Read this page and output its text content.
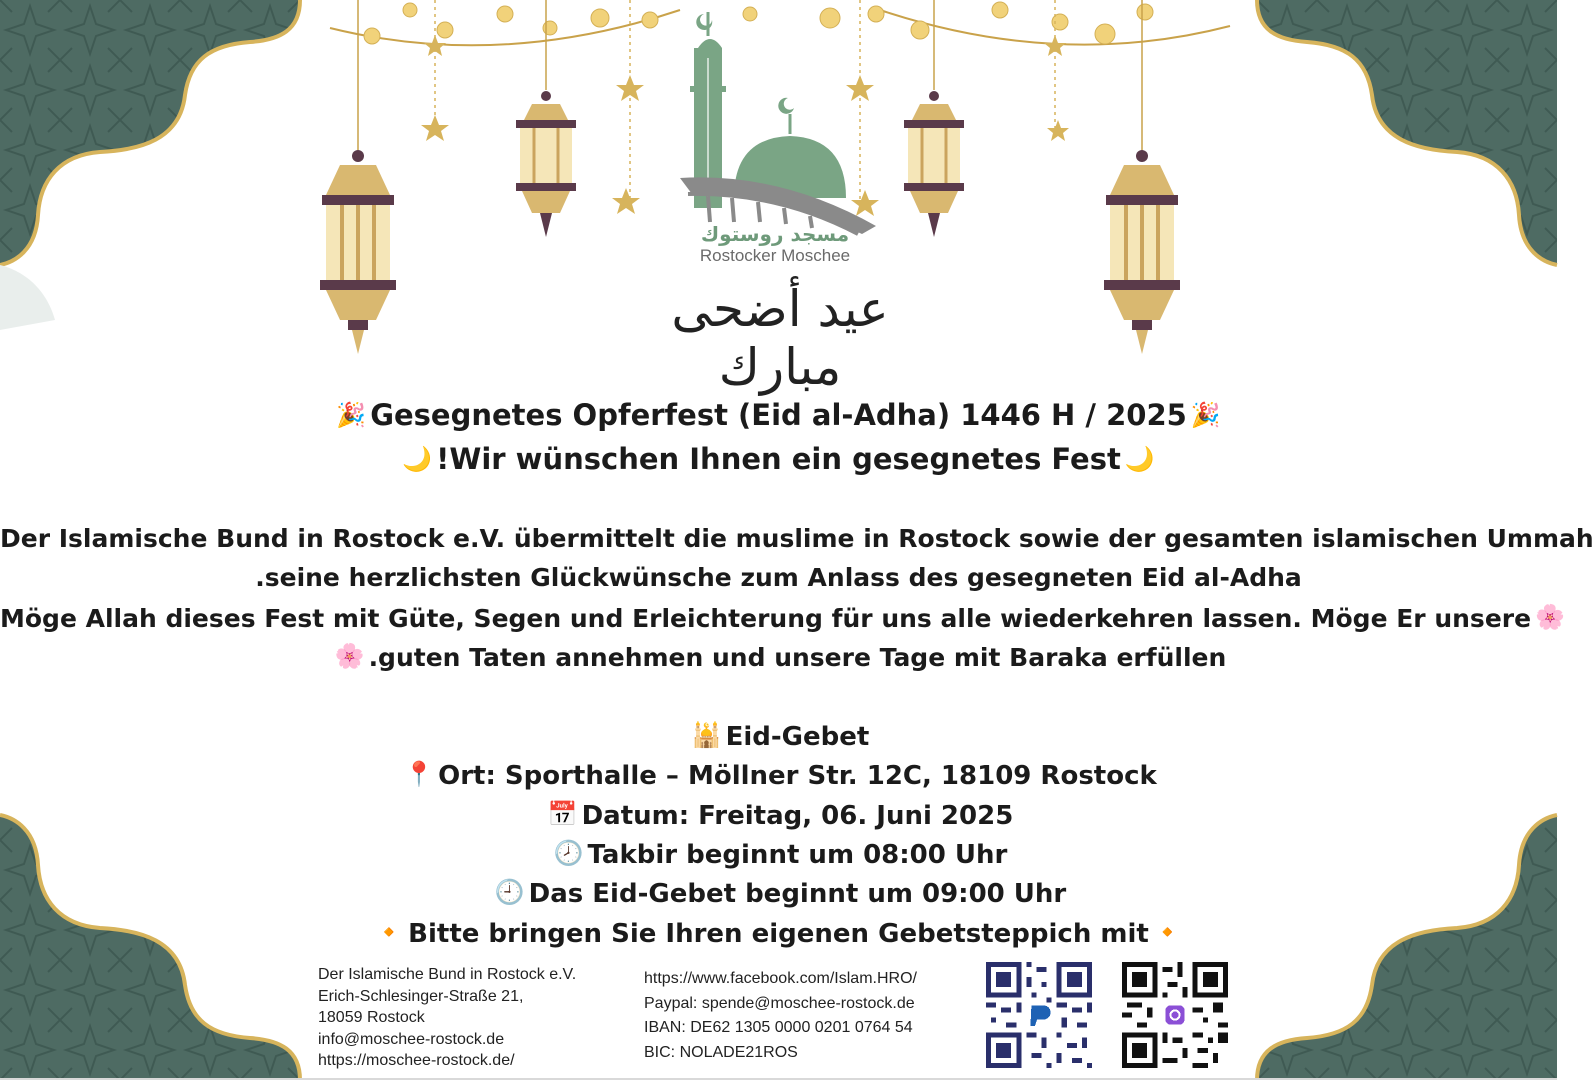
مسجد روستوك
Rostocker Moschee
عيد أضحى مبارك
🎉 Gesegnetes Opferfest (Eid al-Adha) 1446 H / 2025 🎉
🌙 !Wir wünschen Ihnen ein gesegnetes Fest 🌙
Der Islamische Bund in Rostock e.V. übermittelt die muslime in Rostock sowie der gesamten islamischen Ummah
.seine herzlichsten Glückwünsche zum Anlass des gesegneten Eid al-Adha
Möge Allah dieses Fest mit Güte, Segen und Erleichterung für uns alle wiederkehren lassen. Möge Er unsere 🌸
🌸 .guten Taten annehmen und unsere Tage mit Baraka erfüllen
🕌 Eid-Gebet
📍 Ort: Sporthalle – Möllner Str. 12C, 18109 Rostock
📅 Datum: Freitag, 06. Juni 2025
🕗 Takbir beginnt um 08:00 Uhr
🕘 Das Eid-Gebet beginnt um 09:00 Uhr
🔸 Bitte bringen Sie Ihren eigenen Gebetsteppich mit 🔸
Der Islamische Bund in Rostock e.V.
Erich-Schlesinger-Straße 21,
18059 Rostock
info@moschee-rostock.de
https://moschee-rostock.de/
https://www.facebook.com/Islam.HRO/
Paypal: spende@moschee-rostock.de
IBAN: DE62 1305 0000 0201 0764 54
BIC: NOLADE21ROS
